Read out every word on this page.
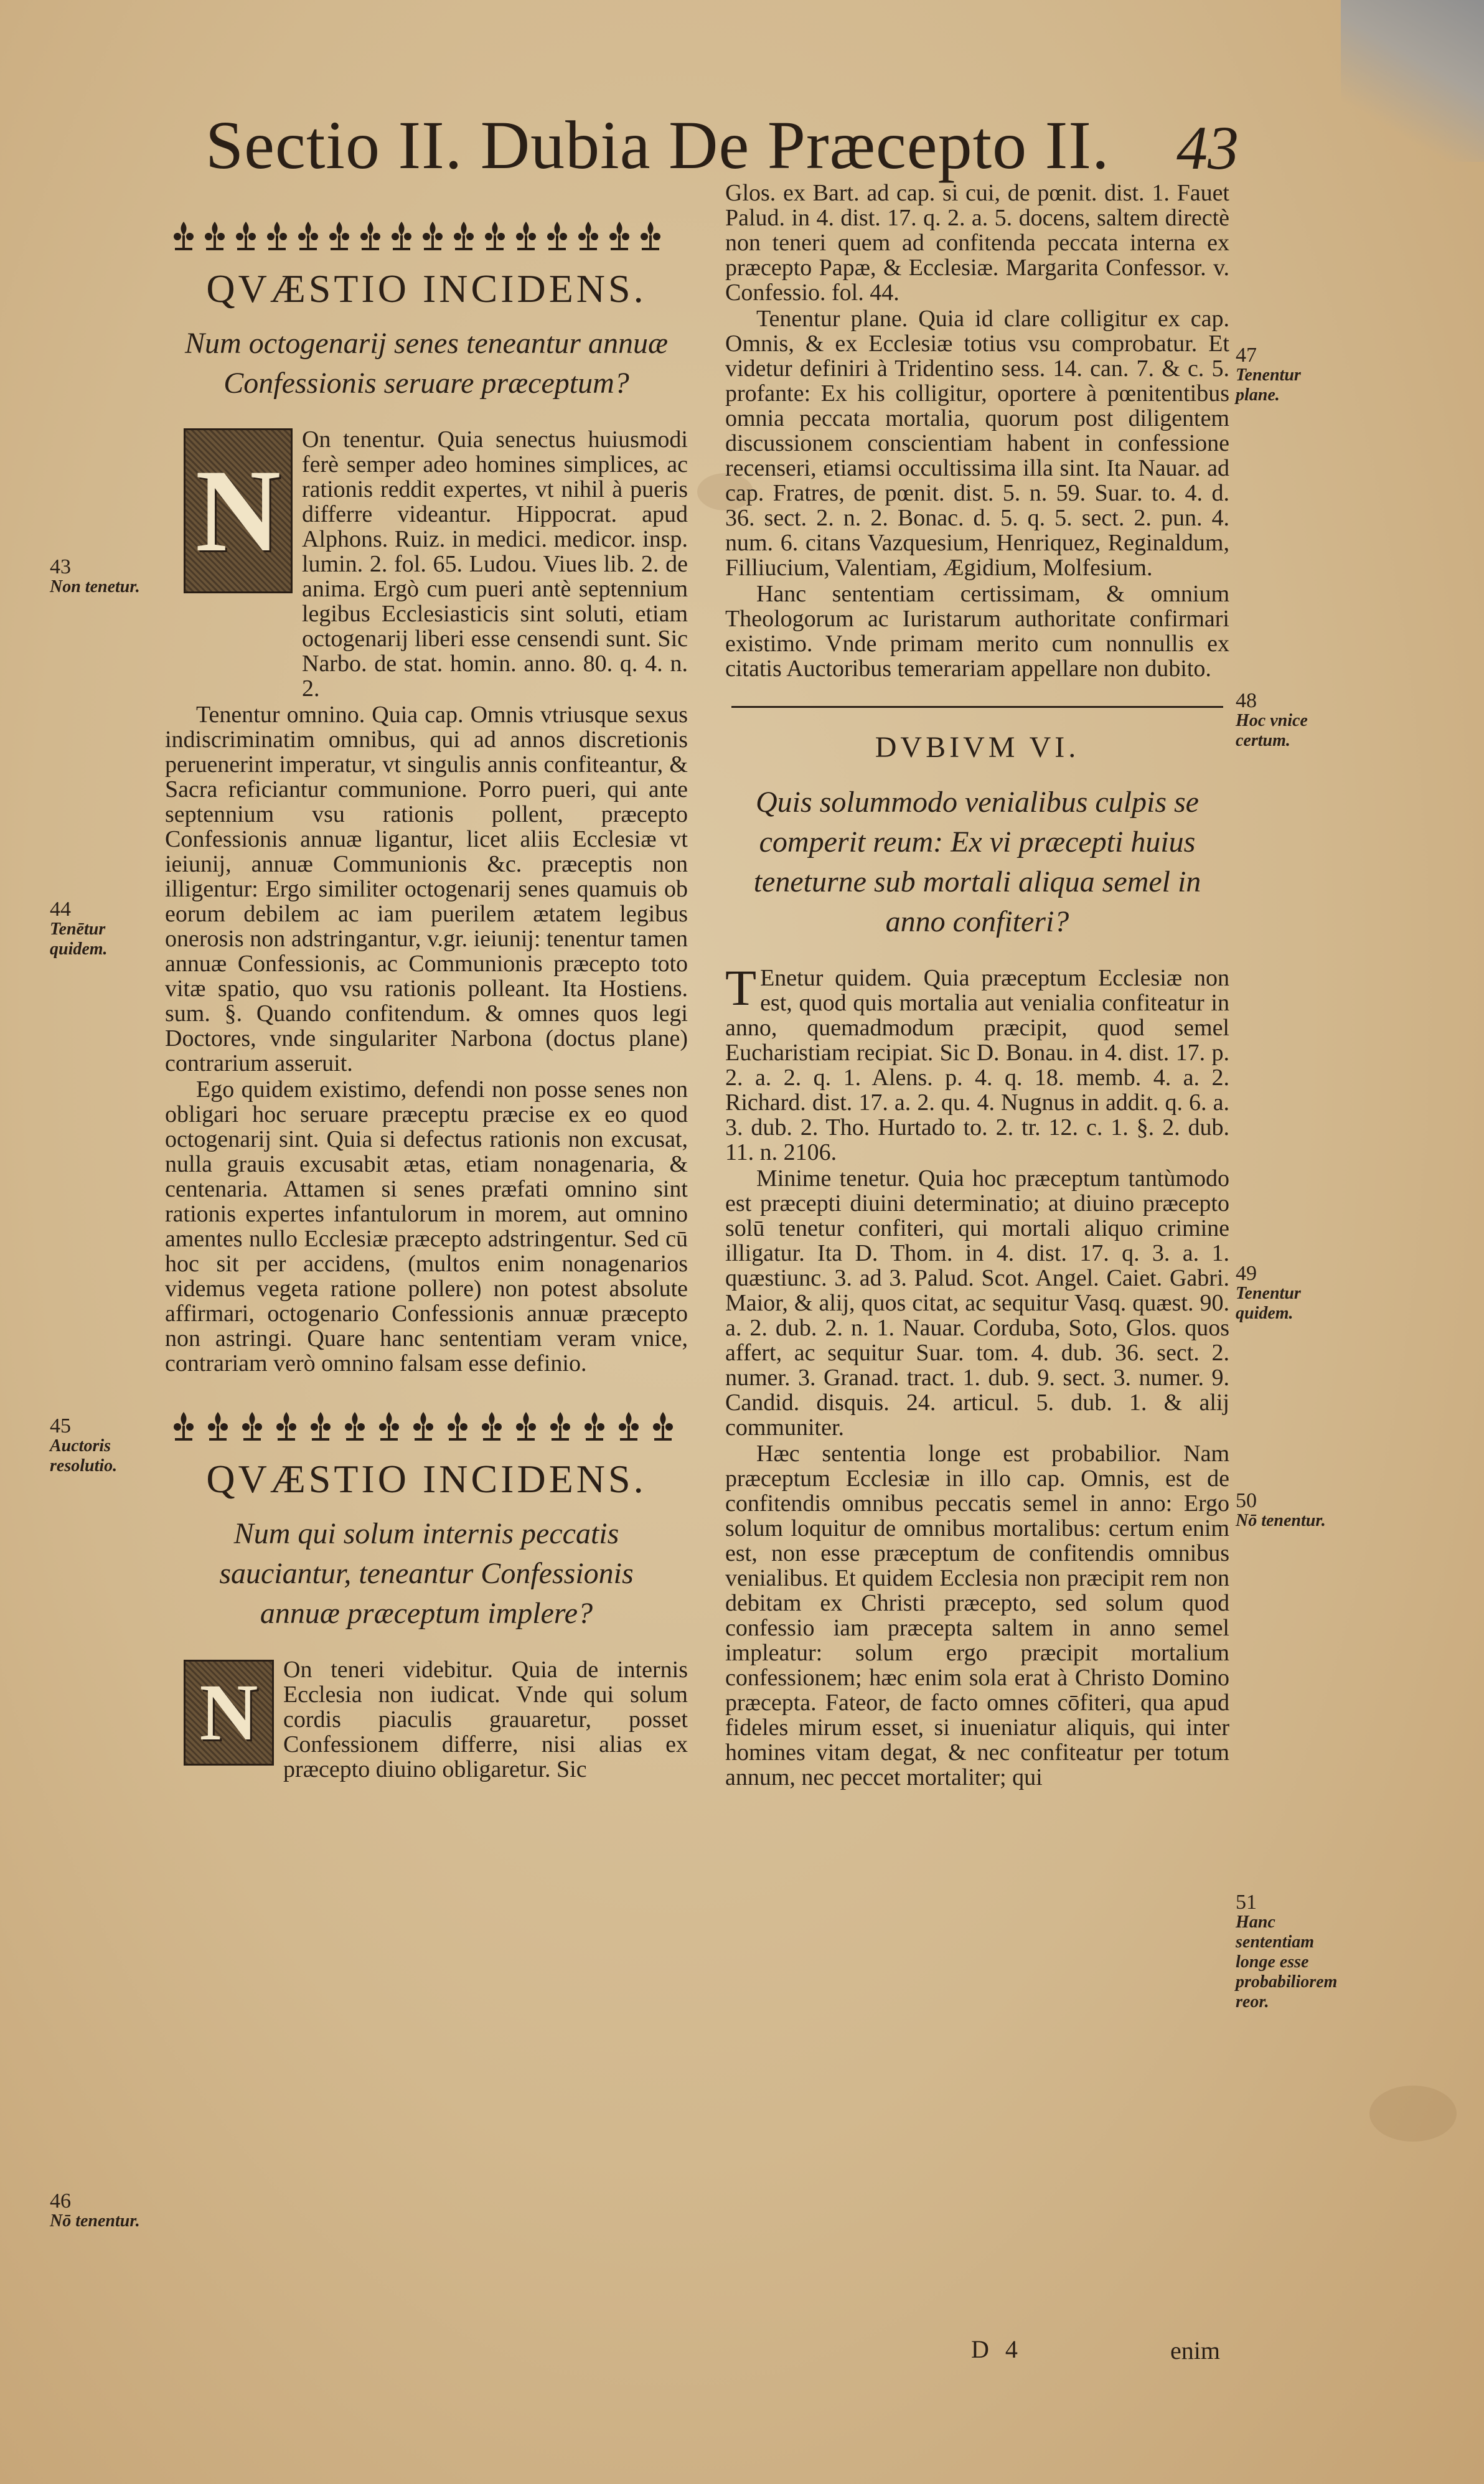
Sectio II. Dubia De Præcepto II. 43
QVÆSTIO INCIDENS.
Num octogenarij senes teneantur annuæ Confessionis seruare præceptum?
N
On tenentur. Quia senectus huiusmodi ferè semper adeo homines simplices, ac rationis reddit expertes, vt nihil à pueris differre videantur. Hippocrat. apud Alphons. Ruiz. in medici. medicor. insp. lumin. 2. fol. 65. Ludou. Viues lib. 2. de anima. Ergò cum pueri antè septennium legibus Ecclesiasticis sint soluti, etiam octogenarij liberi esse censendi sunt. Sic Narbo. de stat. homin. anno. 80. q. 4. n. 2.
Tenentur omnino. Quia cap. Omnis vtriusque sexus indiscriminatim omnibus, qui ad annos discretionis peruenerint imperatur, vt singulis annis confiteantur, & Sacra reficiantur communione. Porro pueri, qui ante septennium vsu rationis pollent, præcepto Confessionis annuæ ligantur, licet aliis Ecclesiæ vt ieiunij, annuæ Communionis &c. præceptis non illigentur: Ergo similiter octogenarij senes quamuis ob eorum debilem ac iam puerilem ætatem legibus onerosis non adstringantur, v.gr. ieiunij: tenentur tamen annuæ Confessionis, ac Communionis præcepto toto vitæ spatio, quo vsu rationis polleant. Ita Hostiens. sum. §. Quando confitendum. & omnes quos legi Doctores, vnde singulariter Narbona (doctus plane) contrarium asseruit.
Ego quidem existimo, defendi non posse senes non obligari hoc seruare præceptu præcise ex eo quod octogenarij sint. Quia si defectus rationis non excusat, nulla grauis excusabit ætas, etiam nonagenaria, & centenaria. Attamen si senes præfati omnino sint rationis expertes infantulorum in morem, aut omnino amentes nullo Ecclesiæ præcepto adstringentur. Sed cū hoc sit per accidens, (multos enim nonagenarios videmus vegeta ratione pollere) non potest absolute affirmari, octogenario Confessionis annuæ præcepto non astringi. Quare hanc sententiam veram vnice, contrariam verò omnino falsam esse definio.
QVÆSTIO INCIDENS.
Num qui solum internis peccatis sauciantur, teneantur Confessionis annuæ præceptum implere?
N On teneri videbitur. Quia de internis Ecclesia non iudicat. Vnde qui solum cordis piaculis grauaretur, posset Confessionem differre, nisi alias ex præcepto diuino obligaretur. Sic
Glos. ex Bart. ad cap. si cui, de pœnit. dist. 1. Fauet Palud. in 4. dist. 17. q. 2. a. 5. docens, saltem directè non teneri quem ad confitenda peccata interna ex præcepto Papæ, & Ecclesiæ. Margarita Confessor. v. Confessio. fol. 44.
Tenentur plane. Quia id clare colligitur ex cap. Omnis, & ex Ecclesiæ totius vsu comprobatur. Et videtur definiri à Tridentino sess. 14. can. 7. & c. 5. profante: Ex his colligitur, oportere à pœnitentibus omnia peccata mortalia, quorum post diligentem discussionem conscientiam habent in confessione recenseri, etiamsi occultissima illa sint. Ita Nauar. ad cap. Fratres, de pœnit. dist. 5. n. 59. Suar. to. 4. d. 36. sect. 2. n. 2. Bonac. d. 5. q. 5. sect. 2. pun. 4. num. 6. citans Vazquesium, Henriquez, Reginaldum, Filliucium, Valentiam, Ægidium, Molfesium.
Hanc sententiam certissimam, & omnium Theologorum ac Iuristarum authoritate confirmari existimo. Vnde primam merito cum nonnullis ex citatis Auctoribus temerariam appellare non dubito.
DVBIVM VI.
Quis solummodo venialibus culpis se comperit reum: Ex vi præcepti huius teneturne sub mortali aliqua semel in anno confiteri?
T Enetur quidem. Quia præceptum Ecclesiæ non est, quod quis mortalia aut venialia confiteatur in anno, quemadmodum præcipit, quod semel Eucharistiam recipiat. Sic D. Bonau. in 4. dist. 17. p. 2. a. 2. q. 1. Alens. p. 4. q. 18. memb. 4. a. 2. Richard. dist. 17. a. 2. qu. 4. Nugnus in addit. q. 6. a. 3. dub. 2. Tho. Hurtado to. 2. tr. 12. c. 1. §. 2. dub. 11. n. 2106.
Minime tenetur. Quia hoc præceptum tantùmodo est præcepti diuini determinatio; at diuino præcepto solū tenetur confiteri, qui mortali aliquo crimine illigatur. Ita D. Thom. in 4. dist. 17. q. 3. a. 1. quæstiunc. 3. ad 3. Palud. Scot. Angel. Caiet. Gabri. Maior, & alij, quos citat, ac sequitur Vasq. quæst. 90. a. 2. dub. 2. n. 1. Nauar. Corduba, Soto, Glos. quos affert, ac sequitur Suar. tom. 4. dub. 36. sect. 2. numer. 3. Granad. tract. 1. dub. 9. sect. 3. numer. 9. Candid. disquis. 24. articul. 5. dub. 1. & alij communiter.
Hæc sententia longe est probabilior. Nam præceptum Ecclesiæ in illo cap. Omnis, est de confitendis omnibus peccatis semel in anno: Ergo solum loquitur de omnibus mortalibus: certum enim est, non esse præceptum de confitendis omnibus venialibus. Et quidem Ecclesia non præcipit rem non debitam ex Christi præcepto, sed solum quod confessio iam præcepta saltem in anno semel impleatur: solum ergo præcipit mortalium confessionem; hæc enim sola erat à Christo Domino præcepta. Fateor, de facto omnes cōfiteri, qua apud fideles mirum esset, si inueniatur aliquis, qui inter homines vitam degat, & nec confiteatur per totum annum, nec peccet mortaliter; qui
43
Non tenetur.
44
Tenētur quidem.
45
Auctoris resolutio.
46
Nō tenentur.
47
Tenentur plane.
48
Hoc vnice certum.
49
Tenentur quidem.
50
Nō tenentur.
51
Hanc sententiam longe esse probabiliorem reor.
D 4	enim
